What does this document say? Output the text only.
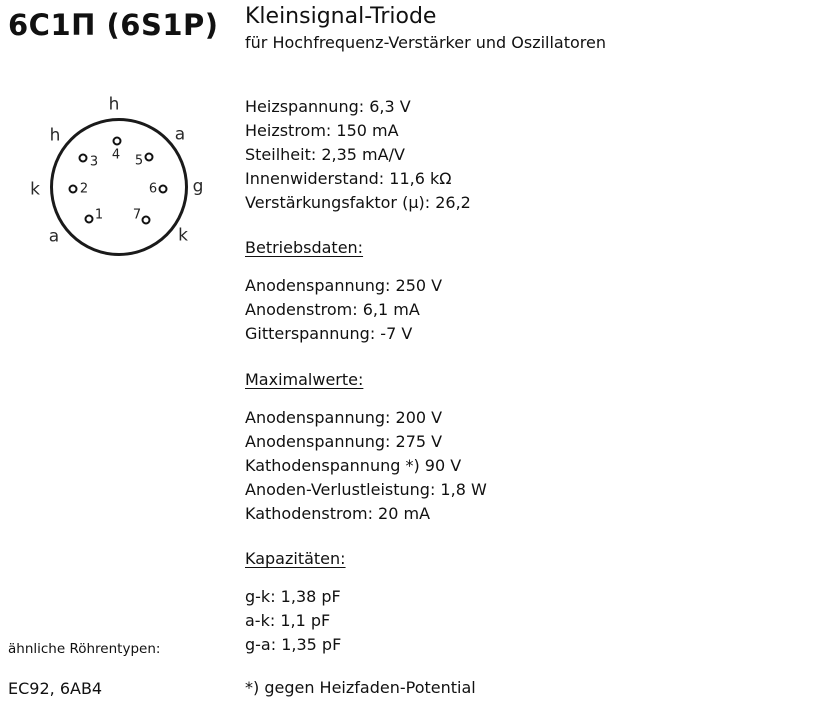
6С1П (6S1P) Kleinsignal-Triode
für Hochfrequenz-Verstärker und Oszillatoren
1
2
3 4 5
6
7
h
h	a
k	g
a	k
Heizspannung: 6,3 V
Heizstrom: 150 mA
Steilheit: 2,35 mA/V
Innenwiderstand: 11,6 kΩ
Verstärkungsfaktor (µ): 26,2
Betriebsdaten:
Anodenspannung: 250 V
Anodenstrom: 6,1 mA
Gitterspannung: -7 V
Maximalwerte:
Anodenspannung: 200 V
Anodenspannung: 275 V
Kathodenspannung *) 90 V
Anoden-Verlustleistung: 1,8 W
Kathodenstrom: 20 mA
Kapazitäten:
g-k: 1,38 pF
a-k: 1,1 pF
g-a: 1,35 pF
*) gegen Heizfaden-Potential
ähnliche Röhrentypen:
EC92, 6AB4
